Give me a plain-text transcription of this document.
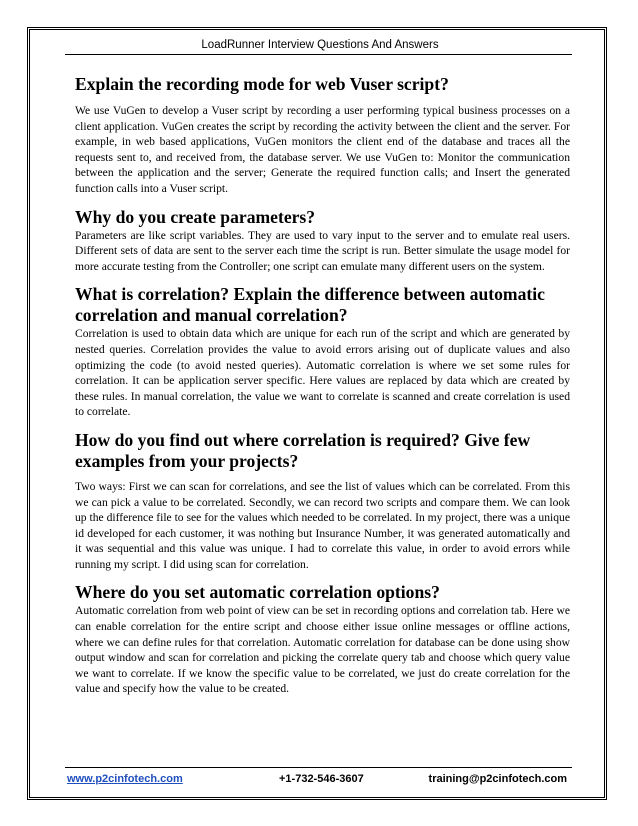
LoadRunner Interview Questions And Answers

Explain the recording mode for web Vuser script?

We use VuGen to develop a Vuser script by recording a user performing typical business processes on a client application. VuGen creates the script by recording the activity between the client and the server. For example, in web based applications, VuGen monitors the client end of the database and traces all the requests sent to, and received from, the database server. We use VuGen to: Monitor the communication between the application and the server; Generate the required function calls; and Insert the generated function calls into a Vuser script.

Why do you create parameters?

Parameters are like script variables. They are used to vary input to the server and to emulate real users. Different sets of data are sent to the server each time the script is run. Better simulate the usage model for more accurate testing from the Controller; one script can emulate many different users on the system.

What is correlation? Explain the difference between automatic correlation and manual correlation?

Correlation is used to obtain data which are unique for each run of the script and which are generated by nested queries. Correlation provides the value to avoid errors arising out of duplicate values and also optimizing the code (to avoid nested queries). Automatic correlation is where we set some rules for correlation. It can be application server specific. Here values are replaced by data which are created by these rules. In manual correlation, the value we want to correlate is scanned and create correlation is used to correlate.

How do you find out where correlation is required? Give few examples from your projects?

Two ways: First we can scan for correlations, and see the list of values which can be correlated. From this we can pick a value to be correlated. Secondly, we can record two scripts and compare them. We can look up the difference file to see for the values which needed to be correlated. In my project, there was a unique id developed for each customer, it was nothing but Insurance Number, it was generated automatically and it was sequential and this value was unique. I had to correlate this value, in order to avoid errors while running my script. I did using scan for correlation.

Where do you set automatic correlation options?

Automatic correlation from web point of view can be set in recording options and correlation tab. Here we can enable correlation for the entire script and choose either issue online messages or offline actions, where we can define rules for that correlation. Automatic correlation for database can be done using show output window and scan for correlation and picking the correlate query tab and choose which query value we want to correlate. If we know the specific value to be correlated, we just do create correlation for the value and specify how the value to be created.

www.p2cinfotech.com	+1-732-546-3607	training@p2cinfotech.com
